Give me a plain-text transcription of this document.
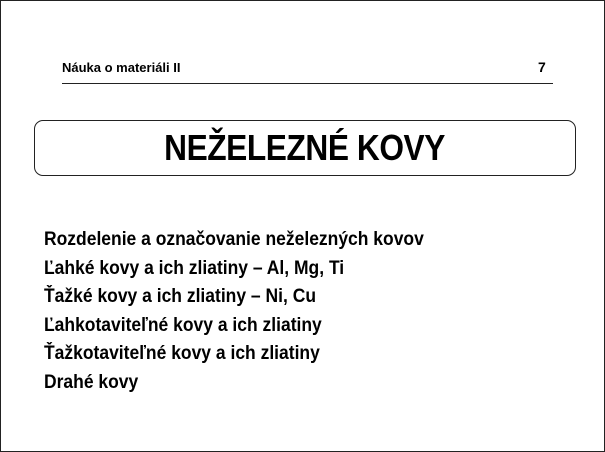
Náuka o materiáli II	7
NEŽELEZNÉ KOVY
Rozdelenie a označovanie neželezných kovov
Ľahké kovy a ich zliatiny – Al, Mg, Ti
Ťažké kovy a ich zliatiny – Ni, Cu
Ľahkotaviteľné kovy a ich zliatiny
Ťažkotaviteľné kovy a ich zliatiny
Drahé kovy
